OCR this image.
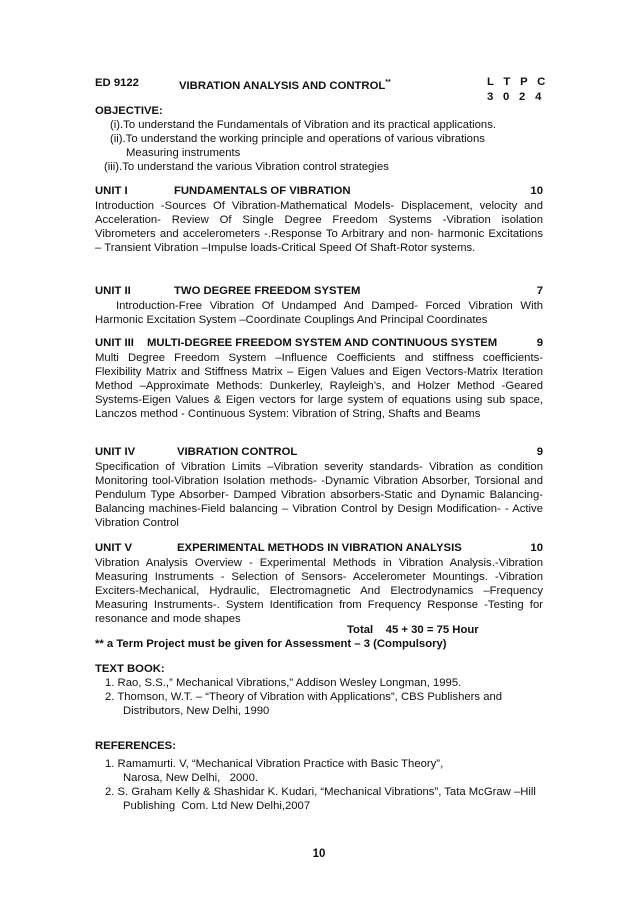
ED 9122	VIBRATION ANALYSIS AND CONTROL**	L T P C
3 0 2 4
OBJECTIVE:
(i).To understand the Fundamentals of Vibration and its practical applications.
(ii).To understand the working principle and operations of various vibrations
Measuring instruments
(iii).To understand the various Vibration control strategies
UNIT I	FUNDAMENTALS OF VIBRATION	10
Introduction -Sources Of Vibration-Mathematical Models- Displacement, velocity and Acceleration- Review Of Single Degree Freedom Systems -Vibration isolation Vibrometers and accelerometers -.Response To Arbitrary and non- harmonic Excitations – Transient Vibration –Impulse loads-Critical Speed Of Shaft-Rotor systems.
UNIT II	TWO DEGREE FREEDOM SYSTEM	7
Introduction-Free Vibration Of Undamped And Damped- Forced Vibration With Harmonic Excitation System –Coordinate Couplings And Principal Coordinates
UNIT III MULTI-DEGREE FREEDOM SYSTEM AND CONTINUOUS SYSTEM	9
Multi Degree Freedom System –Influence Coefficients and stiffness coefficients- Flexibility Matrix and Stiffness Matrix – Eigen Values and Eigen Vectors-Matrix Iteration Method –Approximate Methods: Dunkerley, Rayleigh’s, and Holzer Method -Geared Systems-Eigen Values & Eigen vectors for large system of equations using sub space, Lanczos method - Continuous System: Vibration of String, Shafts and Beams
UNIT IV	VIBRATION CONTROL	9
Specification of Vibration Limits –Vibration severity standards- Vibration as condition Monitoring tool-Vibration Isolation methods- -Dynamic Vibration Absorber, Torsional and Pendulum Type Absorber- Damped Vibration absorbers-Static and Dynamic Balancing-Balancing machines-Field balancing – Vibration Control by Design Modification- - Active Vibration Control
UNIT V	EXPERIMENTAL METHODS IN VIBRATION ANALYSIS	10
Vibration Analysis Overview - Experimental Methods in Vibration Analysis.-Vibration Measuring Instruments - Selection of Sensors- Accelerometer Mountings. -Vibration Exciters-Mechanical, Hydraulic, Electromagnetic And Electrodynamics –Frequency Measuring Instruments-. System Identification from Frequency Response -Testing for resonance and mode shapes
Total    45 + 30 = 75 Hour
** a Term Project must be given for Assessment – 3 (Compulsory)
TEXT BOOK:
1. Rao, S.S.,” Mechanical Vibrations,” Addison Wesley Longman, 1995.
2. Thomson, W.T. – “Theory of Vibration with Applications”, CBS Publishers and Distributors, New Delhi, 1990
REFERENCES:
1. Ramamurti. V, “Mechanical Vibration Practice with Basic Theory”, Narosa, New Delhi,   2000.
2. S. Graham Kelly & Shashidar K. Kudari, “Mechanical Vibrations”, Tata McGraw –Hill Publishing  Com. Ltd New Delhi,2007
10
